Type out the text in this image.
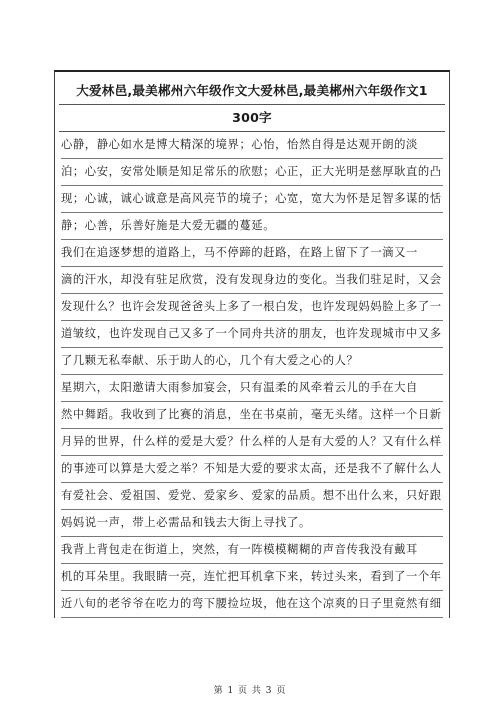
大爱林邑,最美郴州六年级作文大爱林邑,最美郴州六年级作文1
300字
心静，静心如水是博大精深的境界；心怡，怡然自得是达观开朗的淡
泊；心安，安常处顺是知足常乐的欣慰；心正，正大光明是慈厚耿直的凸
现；心诚，诚心诚意是高风亮节的境子；心宽，宽大为怀是足智多谋的恬
静；心善，乐善好施是大爱无疆的蔓延。
我们在追逐梦想的道路上，马不停蹄的赶路，在路上留下了一滴又一
滴的汗水，却没有驻足欣赏，没有发现身边的变化。当我们驻足时，又会
发现什么？也许会发现爸爸头上多了一根白发，也许发现妈妈脸上多了一
道皱纹，也许发现自己又多了一个同舟共济的朋友，也许发现城市中又多
了几颗无私奉献、乐于助人的心，几个有大爱之心的人？
星期六，太阳邀请大雨参加宴会，只有温柔的风牵着云儿的手在大自
然中舞蹈。我收到了比赛的消息，坐在书桌前，毫无头绪。这样一个日新
月异的世界，什么样的爱是大爱？什么样的人是有大爱的人？又有什么样
的事迹可以算是大爱之举？不知是大爱的要求太高，还是我不了解什么人
有爱社会、爱祖国、爱党、爱家乡、爱家的品质。想不出什么来，只好跟
妈妈说一声，带上必需品和钱去大街上寻找了。
我背上背包走在街道上，突然，有一阵模模糊糊的声音传我没有戴耳
机的耳朵里。我眼睛一亮，连忙把耳机拿下来，转过头来，看到了一个年
近八旬的老爷爷在吃力的弯下腰捡垃圾，他在这个凉爽的日子里竟然有细
第 1 页 共 3 页
